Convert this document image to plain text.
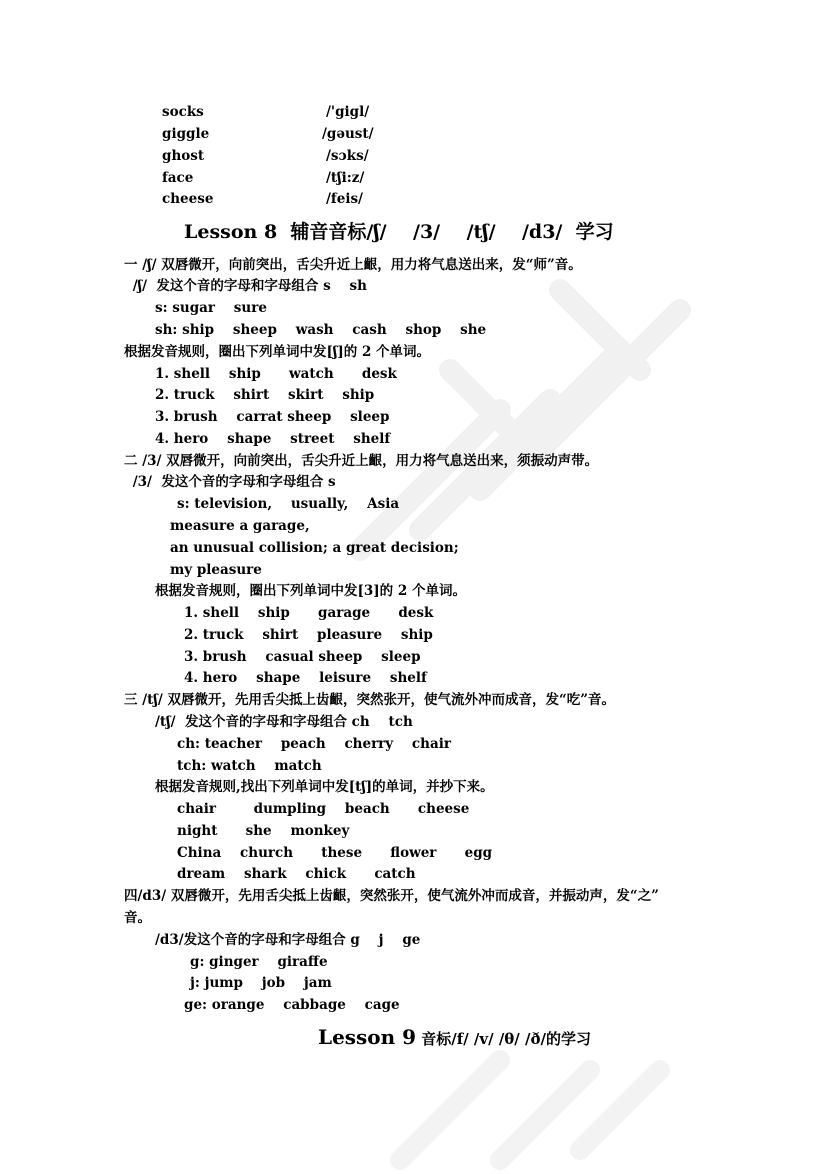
socks	/'gigl/
giggle	/gəust/
ghost	/sɔks/
face	/tʃi:z/
cheese	/feis/
Lesson 8  辅音音标/ʃ/    /3/    /tʃ/    /d3/  学习
一 /ʃ/ 双唇微开，向前突出，舌尖升近上齦，用力将气息送出来，发“师”音。
/ʃ/  发这个音的字母和字母组合 s    sh
s: sugar    sure
sh: ship    sheep    wash    cash    shop    she
根据发音规则，圈出下列单词中发[ʃ]的 2 个单词。
1. shell    ship      watch      desk
2. truck    shirt    skirt    ship
3. brush    carrat sheep    sleep
4. hero    shape    street    shelf
二 /3/ 双唇微开，向前突出，舌尖升近上齦，用力将气息送出来，须振动声带。
/3/  发这个音的字母和字母组合 s
s: television,    usually,    Asia
measure a garage,
an unusual collision; a great decision;
my pleasure
根据发音规则，圈出下列单词中发[3]的 2 个单词。
1. shell    ship      garage      desk
2. truck    shirt    pleasure    ship
3. brush    casual sheep    sleep
4. hero    shape    leisure    shelf
三 /tʃ/ 双唇微开，先用舌尖抵上齿齦，突然张开，使气流外冲而成音，发“吃”音。
/tʃ/  发这个音的字母和字母组合 ch    tch
ch: teacher    peach    cherry    chair
tch: watch    match
根据发音规则,找出下列单词中发[tʃ]的单词，并抄下来。
chair        dumpling    beach      cheese
night      she    monkey
China    church      these      flower      egg
dream    shark    chick      catch
四/d3/ 双唇微开，先用舌尖抵上齿齦，突然张开，使气流外冲而成音，并振动声，发“之”
音。
/d3/发这个音的字母和字母组合 g    j    ge
g: ginger    giraffe
j: jump    job    jam
ge: orange    cabbage    cage
Lesson 9 音标/f/ /v/ /θ/ /ð/的学习
